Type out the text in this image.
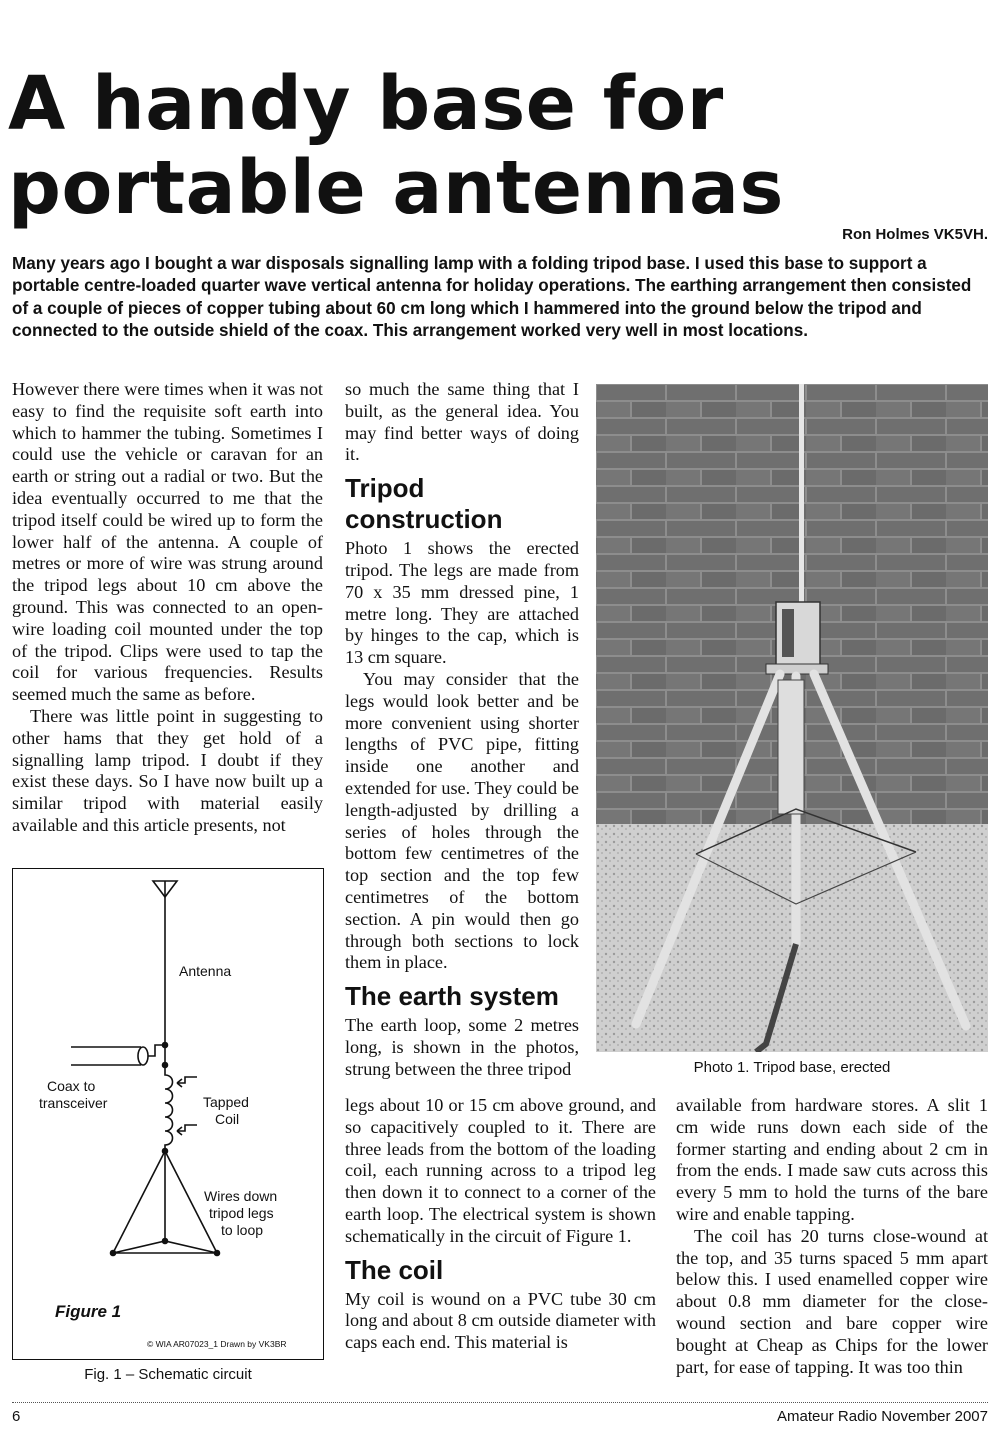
A handy base for portable antennas
Ron Holmes VK5VH.
Many years ago I bought a war disposals signalling lamp with a folding tripod base. I used this base to support a portable centre-loaded quarter wave vertical antenna for holiday operations. The earthing arrangement then consisted of a couple of pieces of copper tubing about 60 cm long which I hammered into the ground below the tripod and connected to the outside shield of the coax. This arrangement worked very well in most locations.

However there were times when it was not easy to find the requisite soft earth into which to hammer the tubing. Sometimes I could use the vehicle or caravan for an earth or string out a radial or two. But the idea eventually occurred to me that the tripod itself could be wired up to form the lower half of the antenna. A couple of metres or more of wire was strung around the tripod legs about 10 cm above the ground. This was connected to an open-wire loading coil mounted under the top of the tripod. Clips were used to tap the coil for various frequencies. Results seemed much the same as before.

There was little point in suggesting to other hams that they get hold of a signalling lamp tripod. I doubt if they exist these days. So I have now built up a similar tripod with material easily available and this article presents, not

so much the same thing that I built, as the general idea. You may find better ways of doing it.

Tripod construction

Photo 1 shows the erected tripod. The legs are made from 70 x 35 mm dressed pine, 1 metre long. They are attached by hinges to the cap, which is 13 cm square.

You may consider that the legs would look better and be more convenient using shorter lengths of PVC pipe, fitting inside one another and extended for use. They could be length-adjusted by drilling a series of holes through the bottom few centimetres of the top section and the top few centimetres of the bottom section. A pin would then go through both sections to lock them in place.

The earth system

The earth loop, some 2 metres long, is shown in the photos, strung between the three tripod

legs about 10 or 15 cm above ground, and so capacitively coupled to it. There are three leads from the bottom of the loading coil, each running across to a tripod leg then down it to connect to a corner of the earth loop. The electrical system is shown schematically in the circuit of Figure 1.

The coil

My coil is wound on a PVC tube 30 cm long and about 8 cm outside diameter with caps each end. This material is

available from hardware stores. A slit 1 cm wide runs down each side of the former starting and ending about 2 cm in from the ends. I made saw cuts across this every 5 mm to hold the turns of the bare wire and enable tapping.

The coil has 20 turns close-wound at the top, and 35 turns spaced 5 mm apart below this. I used enamelled copper wire about 0.8 mm diameter for the close-wound section and bare copper wire bought at Cheap as Chips for the lower part, for ease of tapping. It was too thin

Antenna
Coax to
transceiver	Tapped
Coil
Wires down
tripod legs
to loop
Figure 1
© WIA AR07023_1 Drawn by VK3BR
Fig. 1 – Schematic circuit
Photo 1. Tripod base, erected
6	Amateur Radio November 2007
